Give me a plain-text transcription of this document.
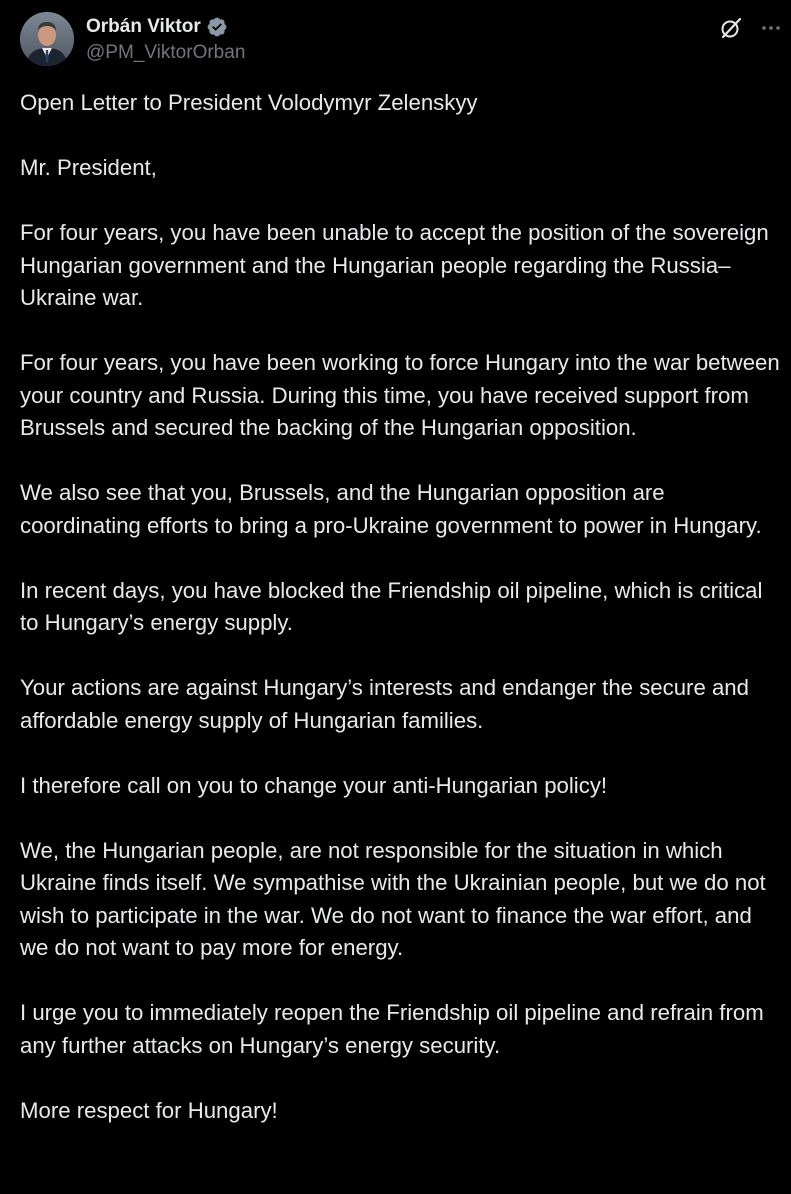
Orbán Viktor
@PM_ViktorOrban

Open Letter to President Volodymyr Zelenskyy

Mr. President,

For four years, you have been unable to accept the position of the sovereign Hungarian government and the Hungarian people regarding the Russia–Ukraine war.

For four years, you have been working to force Hungary into the war between your country and Russia. During this time, you have received support from Brussels and secured the backing of the Hungarian opposition.

We also see that you, Brussels, and the Hungarian opposition are coordinating efforts to bring a pro-Ukraine government to power in Hungary.

In recent days, you have blocked the Friendship oil pipeline, which is critical to Hungary’s energy supply.

Your actions are against Hungary’s interests and endanger the secure and affordable energy supply of Hungarian families.

I therefore call on you to change your anti-Hungarian policy!

We, the Hungarian people, are not responsible for the situation in which Ukraine finds itself. We sympathise with the Ukrainian people, but we do not wish to participate in the war. We do not want to finance the war effort, and we do not want to pay more for energy.

I urge you to immediately reopen the Friendship oil pipeline and refrain from any further attacks on Hungary’s energy security.

More respect for Hungary!
